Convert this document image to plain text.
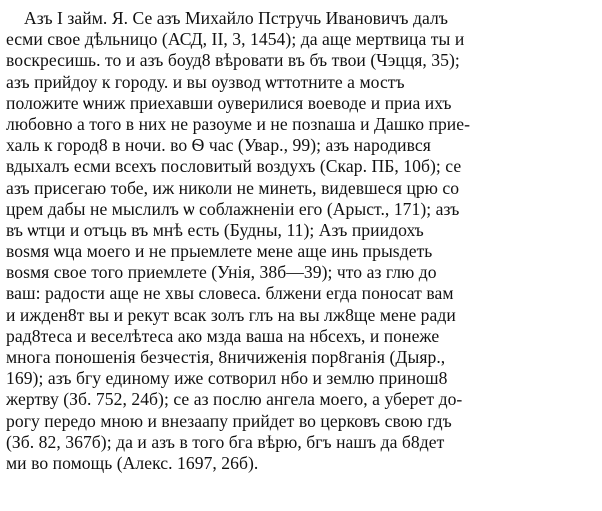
Азъ I займ. Я. Се азъ Михайло Пстручь Ивановичъ далъ
есми свое дѣльницо (АСД, II, 3, 1454); да аще мертвица ты и
воскресишь. то и азъ боуд8 вѣровати въ бъ твои (Чэцця, 35);
азъ прийдоу к городу. и вы оузвод ѡттотните а мостъ
положите ѡниж приехавши оуверилися воеводе и приа ихъ
любовно а того в них не разоуме и не позnaша и Дашко прие-
халь к город8 в ночи. во Ѳ час (Увар., 99); азъ народився
вдыхалъ есми всехъ пословитый воздухъ (Скар. ПБ, 10б); се
азъ присегаю тобе, иж николи не минеть, видевшеся црю со
црем дабы не мыслилъ ѡ соблажненіи его (Арыст., 171); азъ
въ ѡтци и отъць въ мнѣ есть (Будны, 11); Азъ приидохъ
воsмя ѡца моего и не прыемлете мене аще инь прыsдеть
воsмя свое того приемлете (Унія, 38б—39); что аз глю до
ваш: радости аще не хвы словеса. блжени егда поносат вам
и ижден8т вы и рекут всак золъ глъ на вы лж8ще мене ради
рад8тесa и веселѣтесa ако мзда ваша на нбсехъ, и понеже
многа поношенія безчестія, 8ничиженія пор8ганія (Дыяр.,
169); азъ бгу единому иже сотворил нбо и землю принош8
жертву (Зб. 752, 24б); се аз послю ангела моего, а уберет до-
рогу передо мною и внезаапу прийдет во церковъ свою гдъ
(Зб. 82, 367б); да и азъ в того бга вѣрю, бгъ нашъ да б8дет
ми во помощь (Алекс. 1697, 26б).
